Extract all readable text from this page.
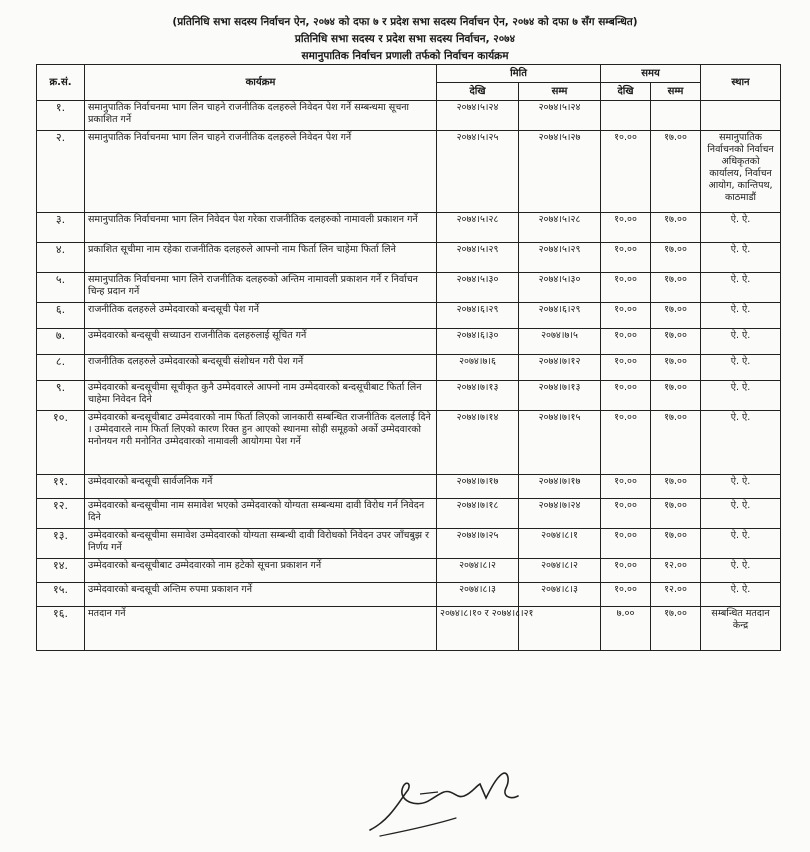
(प्रतिनिधि सभा सदस्य निर्वाचन ऐन, २०७४ को दफा ७ र प्रदेश सभा सदस्य निर्वाचन ऐन, २०७४ को दफा ७ सँग सम्बन्धित)
प्रतिनिधि सभा सदस्य र प्रदेश सभा सदस्य निर्वाचन, २०७४
समानुपातिक निर्वाचन प्रणाली तर्फको निर्वाचन कार्यक्रम
क्र.सं.	कार्यक्रम	मिति		समय		स्थान
		देखि	सम्म	देखि	सम्म	
१.	समानुपातिक निर्वाचनमा भाग लिन चाहने राजनीतिक दलहरुले निवेदन पेश गर्ने सम्बन्धमा सूचना प्रकाशित गर्ने	२०७४।५।२४	२०७४।५।२४			
२.	समानुपातिक निर्वाचनमा भाग लिन चाहने राजनीतिक दलहरुले निवेदन पेश गर्ने	२०७४।५।२५	२०७४।५।२७	१०.००	१७.००	समानुपातिक निर्वाचनको निर्वाचन अधिकृतको कार्यालय, निर्वाचन आयोग, कान्तिपथ, काठमाडौं
३.	समानुपातिक निर्वाचनमा भाग लिन निवेदन पेश गरेका राजनीतिक दलहरुको नामावली प्रकाशन गर्ने	२०७४।५।२८	२०७४।५।२८	१०.००	१७.००	ऐ. ऐ.
४.	प्रकाशित सूचीमा नाम रहेका राजनीतिक दलहरुले आफ्नो नाम फिर्ता लिन चाहेमा फिर्ता लिने	२०७४।५।२९	२०७४।५।२९	१०.००	१७.००	ऐ. ऐ.
५.	समानुपातिक निर्वाचनमा भाग लिने राजनीतिक दलहरुको अन्तिम नामावली प्रकाशन गर्ने र निर्वाचन चिन्ह प्रदान गर्ने	२०७४।५।३०	२०७४।५।३०	१०.००	१७.००	ऐ. ऐ.
६.	राजनीतिक दलहरुले उम्मेदवारको बन्दसूची पेश गर्ने	२०७४।६।२९	२०७४।६।२९	१०.००	१७.००	ऐ. ऐ.
७.	उम्मेदवारको बन्दसूची सच्याउन राजनीतिक दलहरुलाई सूचित गर्ने	२०७४।६।३०	२०७४।७।५	१०.००	१७.००	ऐ. ऐ.
८.	राजनीतिक दलहरुले उम्मेदवारको बन्दसूची संशोधन गरी पेश गर्ने	२०७४।७।६	२०७४।७।१२	१०.००	१७.००	ऐ. ऐ.
९.	उम्मेदवारको बन्दसूचीमा सूचीकृत कुनै उम्मेदवारले आफ्नो नाम उम्मेदवारको बन्दसूचीबाट फिर्ता लिन चाहेमा निवेदन दिने	२०७४।७।१३	२०७४।७।१३	१०.००	१७.००	ऐ. ऐ.
१०.	उम्मेदवारको बन्दसूचीबाट उम्मेदवारको नाम फिर्ता लिएको जानकारी सम्बन्धित राजनीतिक दललाई दिने । उम्मेदवारले नाम फिर्ता लिएको कारण रिक्त हुन आएको स्थानमा सोही समूहको अर्को उम्मेदवारको मनोनयन गरी मनोनित उम्मेदवारको नामावली आयोगमा पेश गर्ने	२०७४।७।१४	२०७४।७।१५	१०.००	१७.००	ऐ. ऐ.
११.	उम्मेदवारको बन्दसूची सार्वजनिक गर्ने	२०७४।७।१७	२०७४।७।१७	१०.००	१७.००	ऐ. ऐ.
१२.	उम्मेदवारको बन्दसूचीमा नाम समावेश भएको उम्मेदवारको योग्यता सम्बन्धमा दावी विरोध गर्न निवेदन दिने	२०७४।७।१८	२०७४।७।२४	१०.००	१७.००	ऐ. ऐ.
१३.	उम्मेदवारको बन्दसूचीमा समावेश उम्मेदवारको योग्यता सम्बन्धी दावी विरोधको निवेदन उपर जाँचबुझ र निर्णय गर्ने	२०७४।७।२५	२०७४।८।१	१०.००	१७.००	ऐ. ऐ.
१४.	उम्मेदवारको बन्दसूचीबाट उम्मेदवारको नाम हटेको सूचना प्रकाशन गर्ने	२०७४।८।२	२०७४।८।२	१०.००	१२.००	ऐ. ऐ.
१५.	उम्मेदवारको बन्दसूची अन्तिम रुपमा प्रकाशन गर्ने	२०७४।८।३	२०७४।८।३	१०.००	१२.००	ऐ. ऐ.
१६.	मतदान गर्ने	२०७४।८।१० र २०७४।८।२१		७.००	१७.००	सम्बन्धित मतदान केन्द्र
